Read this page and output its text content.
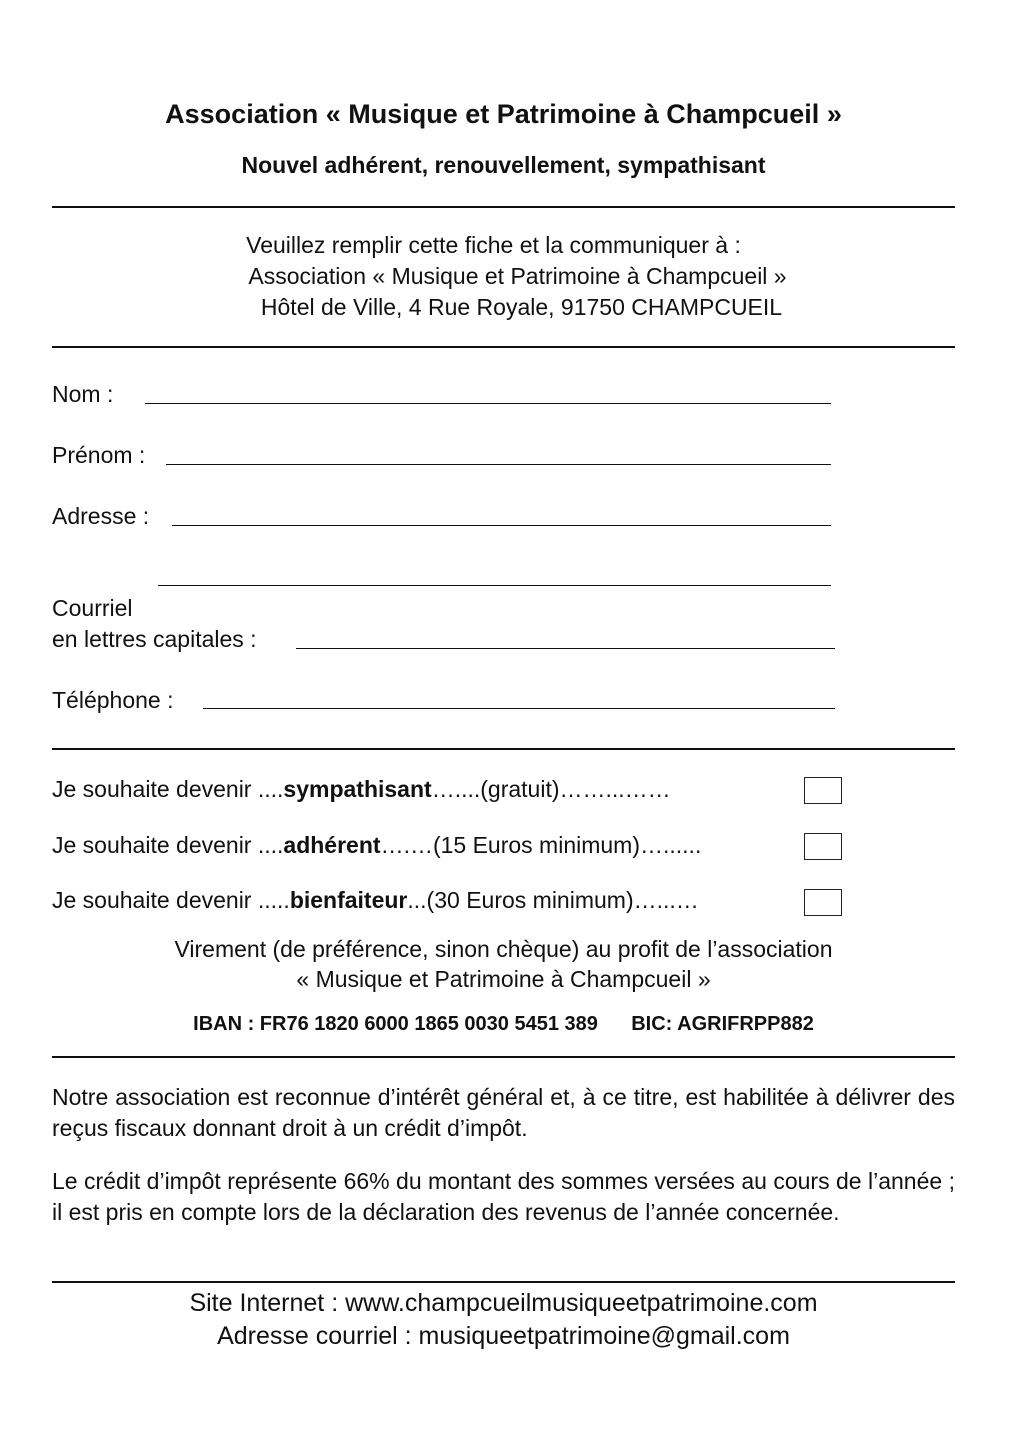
Association « Musique et Patrimoine à Champcueil »
Nouvel adhérent, renouvellement, sympathisant
Veuillez remplir cette fiche et la communiquer à :
Association « Musique et Patrimoine à Champcueil »
Hôtel de Ville, 4 Rue Royale, 91750 CHAMPCUEIL
Nom :
Prénom :
Adresse :
Courriel
en lettres capitales :
Téléphone :
Je souhaite devenir ....sympathisant…....(gratuit)……...……
Je souhaite devenir ....adhérent….…(15 Euros minimum)…......
Je souhaite devenir .....bienfaiteur...(30 Euros minimum)…...…
Virement (de préférence, sinon chèque) au profit de l’association
« Musique et Patrimoine à Champcueil »
IBAN : FR76 1820 6000 1865 0030 5451 389      BIC: AGRIFRPP882
Notre association est reconnue d’intérêt général et, à ce titre, est habilitée à délivrer des reçus fiscaux donnant droit à un crédit d’impôt.
Le crédit d’impôt représente 66% du montant des sommes versées au cours de l’année ; il est pris en compte lors de la déclaration des revenus de l’année concernée.
Site Internet : www.champcueilmusiqueetpatrimoine.com
Adresse courriel : musiqueetpatrimoine@gmail.com
